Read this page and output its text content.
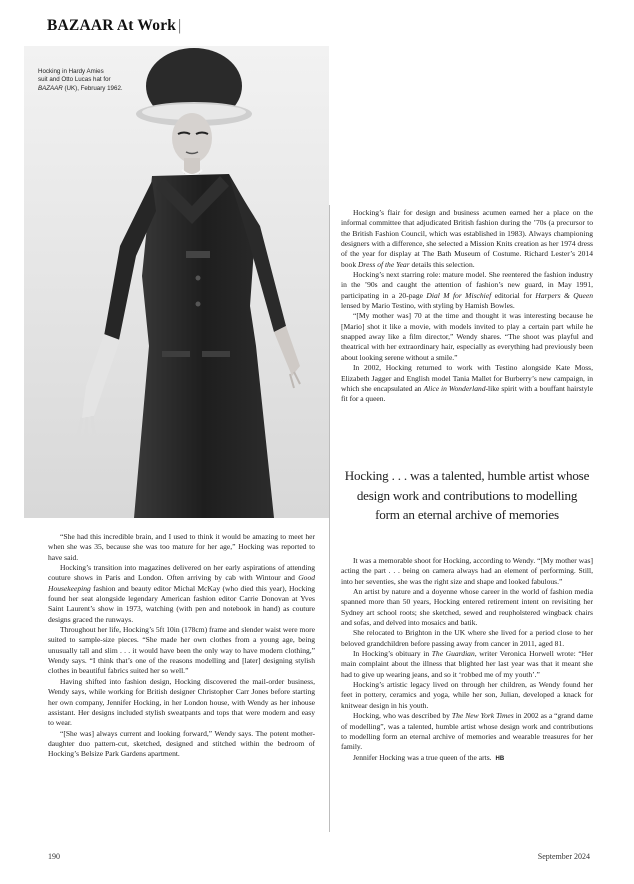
BAZAAR At Work |
Hocking in Hardy Amies
suit and Otto Lucas hat for
BAZAAR (UK), February 1962.

“She had this incredible brain, and I used to think it would be amazing to meet her when she was 35, because she was too mature for her age,” Hocking was reported to have said.

Hocking’s transition into magazines delivered on her early aspirations of attending couture shows in Paris and London. Often arriving by cab with Wintour and Good Housekeeping fashion and beauty editor Michal McKay (who died this year), Hocking found her seat alongside legendary American fashion editor Carrie Donovan at Yves Saint Laurent’s show in 1973, watching (with pen and notebook in hand) as couture designs graced the runways.

Throughout her life, Hocking’s 5ft 10in (178cm) frame and slender waist were more suited to sample-size pieces. “She made her own clothes from a young age, being unusually tall and slim . . . it would have been the only way to have modern clothing,” Wendy says. “I think that’s one of the reasons modelling and [later] designing stylish clothes in beautiful fabrics suited her so well.”

Having shifted into fashion design, Hocking discovered the mail-order business, Wendy says, while working for British designer Christopher Carr Jones before starting her own company, Jennifer Hocking, in her London house, with Wendy as her inhouse assistant. Her designs included stylish sweatpants and tops that were modern and easy to wear.

“[She was] always current and looking forward,” Wendy says. The potent mother-daughter duo pattern-cut, sketched, designed and stitched within the bedroom of Hocking’s Belsize Park Gardens apartment.

Hocking’s flair for design and business acumen earned her a place on the informal committee that adjudicated British fashion during the ’70s (a precursor to the British Fashion Council, which was established in 1983). Always championing designers with a difference, she selected a Mission Knits creation as her 1974 dress of the year for display at The Bath Museum of Costume. Richard Lester’s 2014 book Dress of the Year details this selection.

Hocking’s next starring role: mature model. She reentered the fashion industry in the ’90s and caught the attention of fashion’s new guard, in May 1991, participating in a 20-page Dial M for Mischief editorial for Harpers & Queen lensed by Mario Testino, with styling by Hamish Bowles.

“[My mother was] 70 at the time and thought it was interesting because he [Mario] shot it like a movie, with models invited to play a certain part while he snapped away like a film director,” Wendy shares. “The shoot was playful and theatrical with her extraordinary hair, especially as everything had previously been about looking serene without a smile.”

In 2002, Hocking returned to work with Testino alongside Kate Moss, Elizabeth Jagger and English model Tania Mallet for Burberry’s new campaign, in which she encapsulated an Alice in Wonderland-like spirit with a bouffant hairstyle fit for a queen.

Hocking . . . was a talented, humble artist whose
design work and contributions to modelling
form an eternal archive of memories

It was a memorable shoot for Hocking, according to Wendy. “[My mother was] acting the part . . . being on camera always had an element of performing. Still, into her seventies, she was the right size and shape and looked fabulous.”

An artist by nature and a doyenne whose career in the world of fashion media spanned more than 50 years, Hocking entered retirement intent on revisiting her Sydney art school roots; she sketched, sewed and reupholstered wingback chairs and sofas, and delved into mosaics and batik.

She relocated to Brighton in the UK where she lived for a period close to her beloved grandchildren before passing away from cancer in 2011, aged 81.

In Hocking’s obituary in The Guardian, writer Veronica Horwell wrote: “Her main complaint about the illness that blighted her last year was that it meant she had to give up wearing jeans, and so it ‘robbed me of my youth’.”

Hocking’s artistic legacy lived on through her children, as Wendy found her feet in pottery, ceramics and yoga, while her son, Julian, developed a knack for knitwear design in his youth.

Hocking, who was described by The New York Times in 2002 as a “grand dame of modelling”, was a talented, humble artist whose design work and contributions to modelling form an eternal archive of memories and wearable treasures for her family.

Jennifer Hocking was a true queen of the arts. HB

190	September 2024
